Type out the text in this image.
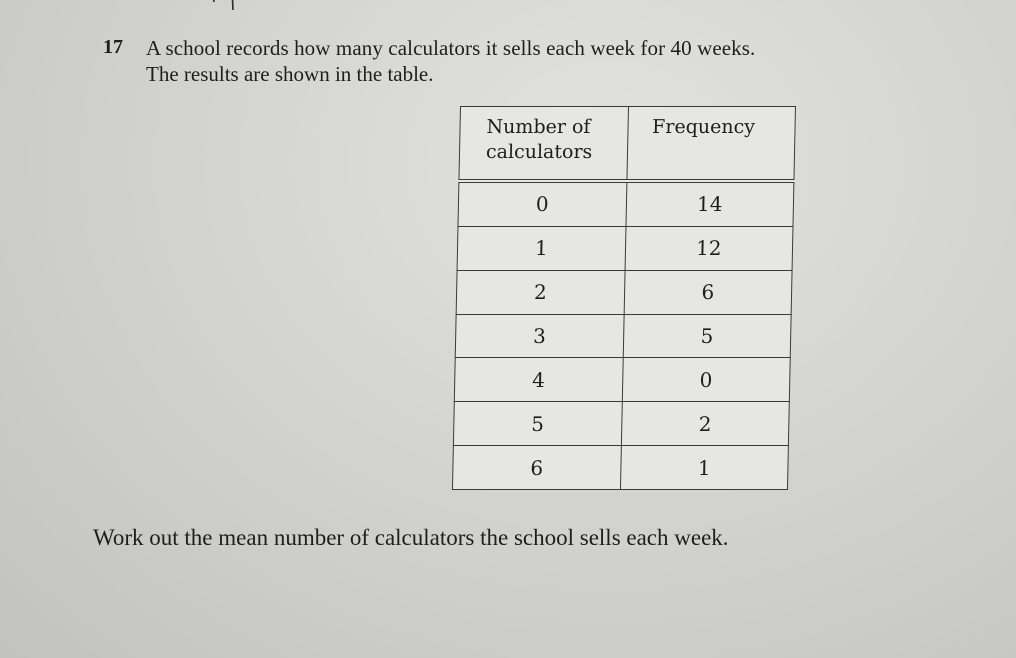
17 A school records how many calculators it sells each week for 40 weeks.
The results are shown in the table.
Number of calculators	Frequency
0	14
1	12
2	6
3	5
4	0
5	2
6	1
Work out the mean number of calculators the school sells each week.
